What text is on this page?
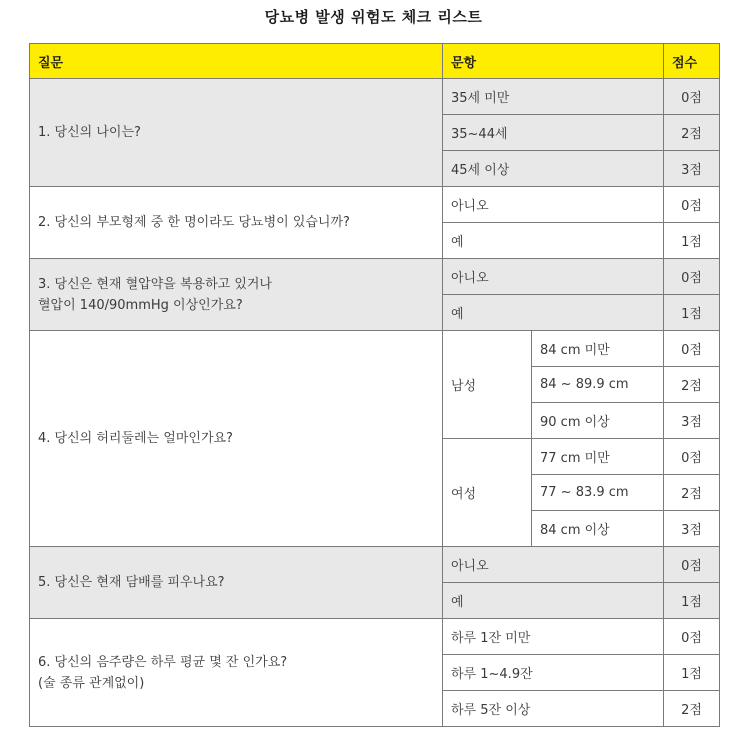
당뇨병 발생 위험도 체크 리스트
질문	문항		점수
1. 당신의 나이는?	35세 미만		0점
	35~44세		2점
	45세 이상		3점
2. 당신의 부모형제 중 한 명이라도 당뇨병이 있습니까?	아니오		0점
	예		1점

3. 당신은 현재 혈압약을 복용하고 있거나
혈압이 140/90mmHg 이상인가요?	아니오		0점
	예		1점
4. 당신의 허리둘레는 얼마인가요?	남성	84 cm 미만	0점
		84 ~ 89.9 cm	2점
		90 cm 이상	3점
	여성	77 cm 미만	0점
		77 ~ 83.9 cm	2점
		84 cm 이상	3점
5. 당신은 현재 담배를 피우나요?	아니오		0점
	예		1점

6. 당신의 음주량은 하루 평균 몇 잔 인가요?
(술 종류 관계없이)	하루 1잔 미만		0점
	하루 1~4.9잔		1점
	하루 5잔 이상		2점
